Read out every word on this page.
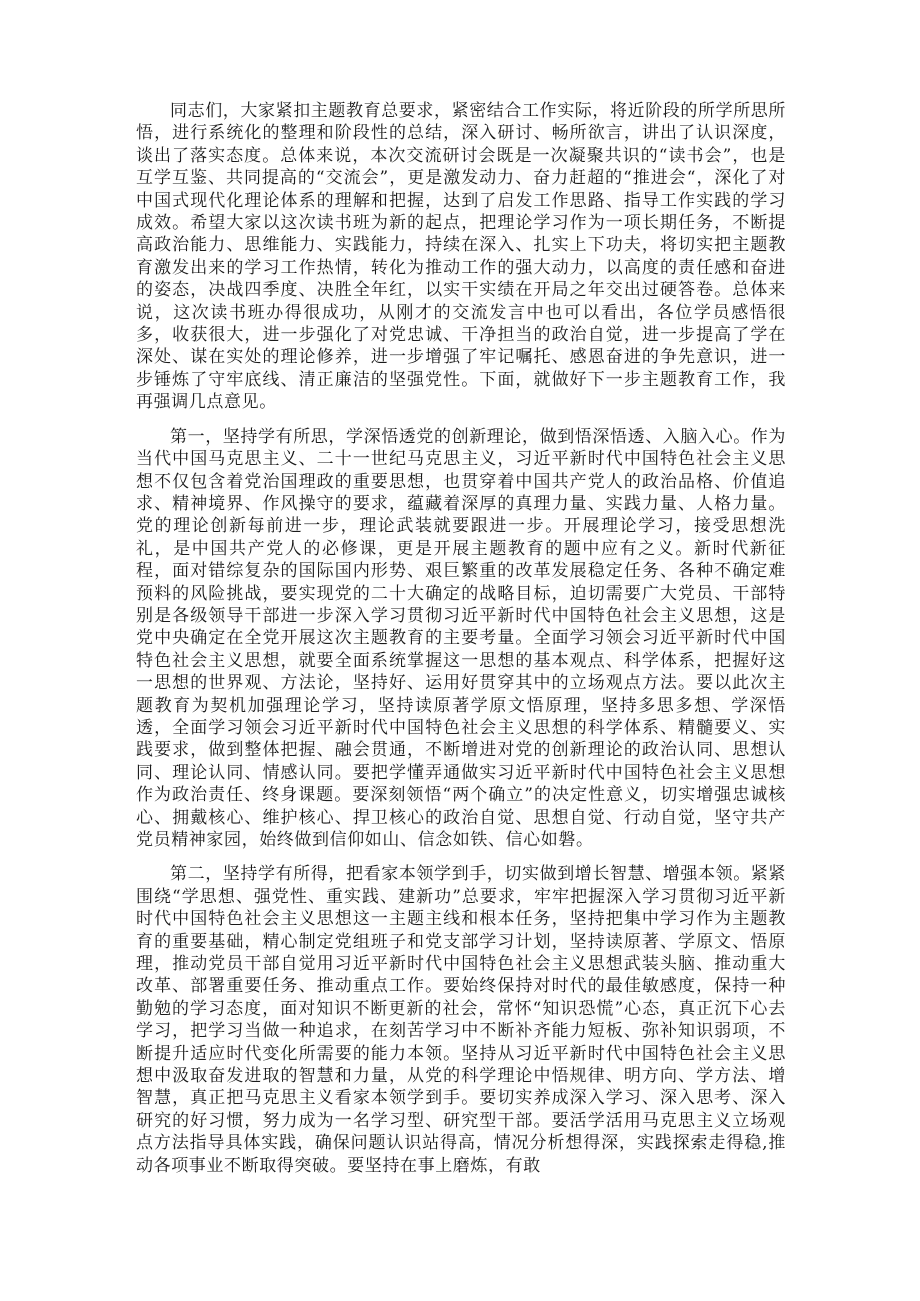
同志们，大家紧扣主题教育总要求，紧密结合工作实际，将近阶段的所学所思所悟，进行系统化的整理和阶段性的总结，深入研讨、畅所欲言，讲出了认识深度，谈出了落实态度。总体来说，本次交流研讨会既是一次凝聚共识的“读书会”，也是互学互鉴、共同提高的“交流会”，更是激发动力、奋力赶超的“推进会“，深化了对中国式现代化理论体系的理解和把握，达到了启发工作思路、指导工作实践的学习成效。希望大家以这次读书班为新的起点，把理论学习作为一项长期任务，不断提高政治能力、思维能力、实践能力，持续在深入、扎实上下功夫，将切实把主题教育激发出来的学习工作热情，转化为推动工作的强大动力，以高度的责任感和奋进的姿态，决战四季度、决胜全年红，以实干实绩在开局之年交出过硬答卷。总体来说，这次读书班办得很成功，从刚才的交流发言中也可以看出，各位学员感悟很多，收获很大，进一步强化了对党忠诚、干净担当的政治自觉，进一步提高了学在深处、谋在实处的理论修养，进一步增强了牢记嘱托、感恩奋进的争先意识，进一步锤炼了守牢底线、清正廉洁的坚强党性。下面，就做好下一步主题教育工作，我再强调几点意见。

第一，坚持学有所思，学深悟透党的创新理论，做到悟深悟透、入脑入心。作为当代中国马克思主义、二十一世纪马克思主义，习近平新时代中国特色社会主义思想不仅包含着党治国理政的重要思想，也贯穿着中国共产党人的政治品格、价值追求、精神境界、作风操守的要求，蕴藏着深厚的真理力量、实践力量、人格力量。党的理论创新每前进一步，理论武装就要跟进一步。开展理论学习，接受思想洗礼，是中国共产党人的必修课，更是开展主题教育的题中应有之义。新时代新征程，面对错综复杂的国际国内形势、艰巨繁重的改革发展稳定任务、各种不确定难预料的风险挑战，要实现党的二十大确定的战略目标，迫切需要广大党员、干部特别是各级领导干部进一步深入学习贯彻习近平新时代中国特色社会主义思想，这是党中央确定在全党开展这次主题教育的主要考量。全面学习领会习近平新时代中国特色社会主义思想，就要全面系统掌握这一思想的基本观点、科学体系，把握好这一思想的世界观、方法论，坚持好、运用好贯穿其中的立场观点方法。要以此次主题教育为契机加强理论学习，坚持读原著学原文悟原理，坚持多思多想、学深悟透，全面学习领会习近平新时代中国特色社会主义思想的科学体系、精髓要义、实践要求，做到整体把握、融会贯通，不断增进对党的创新理论的政治认同、思想认同、理论认同、情感认同。要把学懂弄通做实习近平新时代中国特色社会主义思想作为政治责任、终身课题。要深刻领悟“两个确立”的决定性意义，切实增强忠诚核心、拥戴核心、维护核心、捍卫核心的政治自觉、思想自觉、行动自觉，坚守共产党员精神家园，始终做到信仰如山、信念如铁、信心如磐。

第二，坚持学有所得，把看家本领学到手，切实做到增长智慧、增强本领。紧紧围绕“学思想、强党性、重实践、建新功”总要求，牢牢把握深入学习贯彻习近平新时代中国特色社会主义思想这一主题主线和根本任务，坚持把集中学习作为主题教育的重要基础，精心制定党组班子和党支部学习计划，坚持读原著、学原文、悟原理，推动党员干部自觉用习近平新时代中国特色社会主义思想武装头脑、推动重大改革、部署重要任务、推动重点工作。要始终保持对时代的最佳敏感度，保持一种勤勉的学习态度，面对知识不断更新的社会，常怀“知识恐慌”心态，真正沉下心去学习，把学习当做一种追求，在刻苦学习中不断补齐能力短板、弥补知识弱项，不断提升适应时代变化所需要的能力本领。坚持从习近平新时代中国特色社会主义思想中汲取奋发进取的智慧和力量，从党的科学理论中悟规律、明方向、学方法、增智慧，真正把马克思主义看家本领学到手。要切实养成深入学习、深入思考、深入研究的好习惯，努力成为一名学习型、研究型干部。要活学活用马克思主义立场观点方法指导具体实践，确保问题认识站得高，情况分析想得深，实践探索走得稳,推动各项事业不断取得突破。要坚持在事上磨炼，有敢
